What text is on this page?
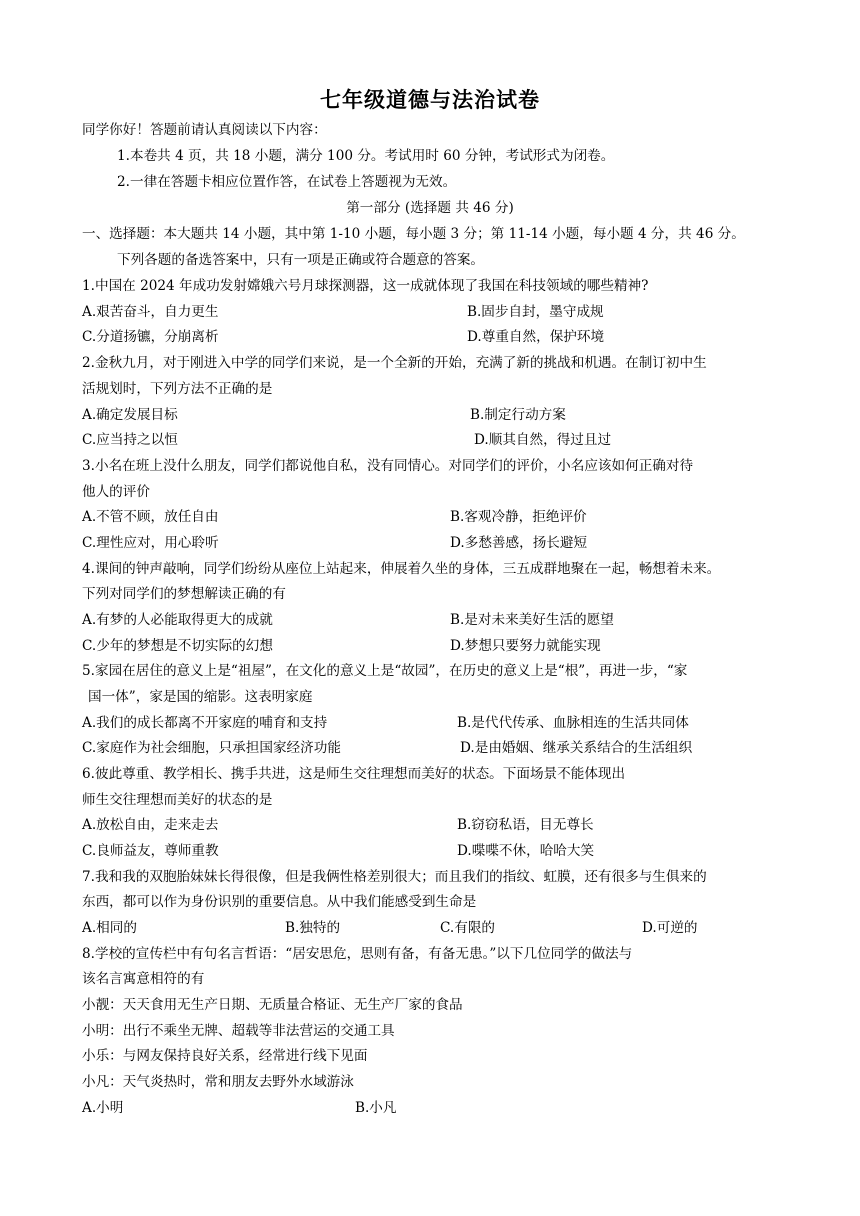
七年级道德与法治试卷
同学你好！答题前请认真阅读以下内容：
1.本卷共 4 页，共 18 小题，满分 100 分。考试用时 60 分钟，考试形式为闭卷。
2.一律在答题卡相应位置作答，在试卷上答题视为无效。
第一部分 (选择题 共 46 分)
一、选择题：本大题共 14 小题，其中第 1-10 小题，每小题 3 分；第 11-14 小题，每小题 4 分，共 46 分。
下列各题的备选答案中，只有一项是正确或符合题意的答案。
1.中国在 2024 年成功发射嫦娥六号月球探测器，这一成就体现了我国在科技领域的哪些精神?
A.艰苦奋斗，自力更生	B.固步自封，墨守成规
C.分道扬镳，分崩离析	D.尊重自然，保护环境
2.金秋九月，对于刚进入中学的同学们来说，是一个全新的开始，充满了新的挑战和机遇。在制订初中生
活规划时，下列方法不正确的是
A.确定发展目标	B.制定行动方案
C.应当持之以恒	D.顺其自然，得过且过
3.小名在班上没什么朋友，同学们都说他自私，没有同情心。对同学们的评价，小名应该如何正确对待
他人的评价
A.不管不顾，放任自由	B.客观冷静，拒绝评价
C.理性应对，用心聆听	D.多愁善感，扬长避短
4.课间的钟声敲响，同学们纷纷从座位上站起来，伸展着久坐的身体，三五成群地聚在一起，畅想着未来。
下列对同学们的梦想解读正确的有
A.有梦的人必能取得更大的成就	B.是对未来美好生活的愿望
C.少年的梦想是不切实际的幻想	D.梦想只要努力就能实现
5.家园在居住的意义上是“祖屋”，在文化的意义上是“故园”，在历史的意义上是“根”，再进一步，“家
国一体”，家是国的缩影。这表明家庭
A.我们的成长都离不开家庭的哺育和支持	B.是代代传承、血脉相连的生活共同体
C.家庭作为社会细胞，只承担国家经济功能	D.是由婚姻、继承关系结合的生活组织
6.彼此尊重、教学相长、携手共进，这是师生交往理想而美好的状态。下面场景不能体现出
师生交往理想而美好的状态的是
A.放松自由，走来走去	B.窃窃私语，目无尊长
C.良师益友，尊师重教	D.喋喋不休，哈哈大笑
7.我和我的双胞胎妹妹长得很像，但是我俩性格差别很大；而且我们的指纹、虹膜，还有很多与生俱来的
东西，都可以作为身份识别的重要信息。从中我们能感受到生命是
A.相同的	B.独特的	C.有限的	D.可逆的
8.学校的宣传栏中有句名言哲语：“居安思危，思则有备，有备无患。”以下几位同学的做法与
该名言寓意相符的有
小靓：天天食用无生产日期、无质量合格证、无生产厂家的食品
小明：出行不乘坐无牌、超载等非法营运的交通工具
小乐：与网友保持良好关系，经常进行线下见面
小凡：天气炎热时，常和朋友去野外水域游泳
A.小明	B.小凡
